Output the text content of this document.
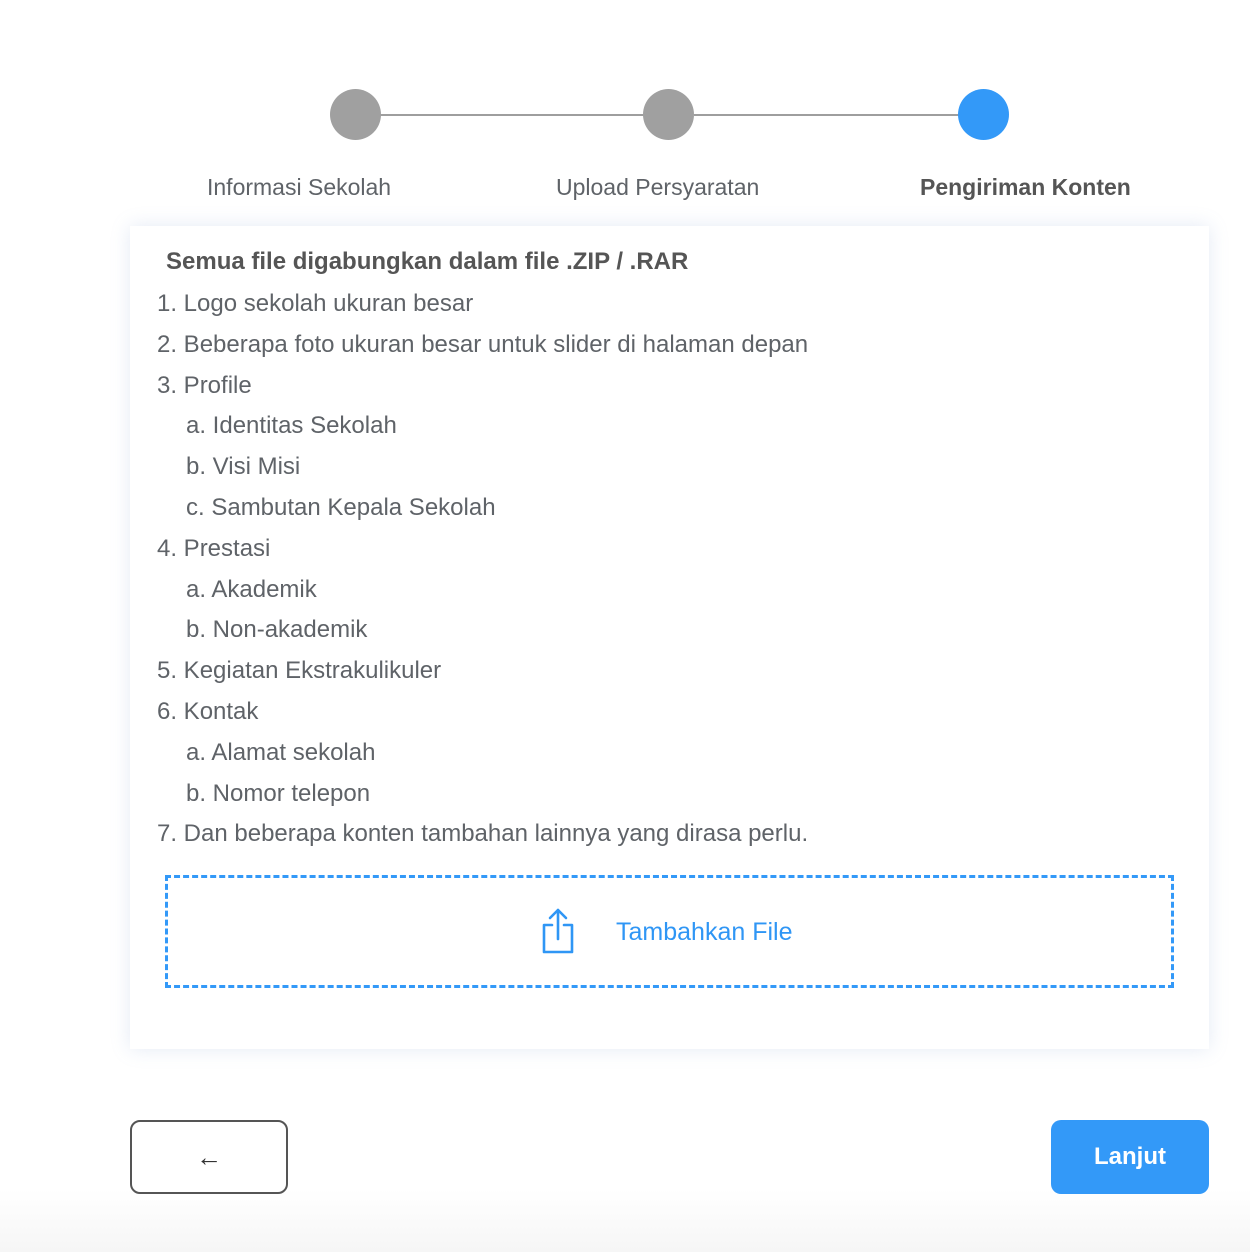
Informasi Sekolah	Upload Persyaratan	Pengiriman Konten
Semua file digabungkan dalam file .ZIP / .RAR
1. Logo sekolah ukuran besar
2. Beberapa foto ukuran besar untuk slider di halaman depan
3. Profile
a. Identitas Sekolah
b. Visi Misi
c. Sambutan Kepala Sekolah
4. Prestasi
a. Akademik
b. Non-akademik
5. Kegiatan Ekstrakulikuler
6. Kontak
a. Alamat sekolah
b. Nomor telepon
7. Dan beberapa konten tambahan lainnya yang dirasa perlu.
Tambahkan File
←	Lanjut
